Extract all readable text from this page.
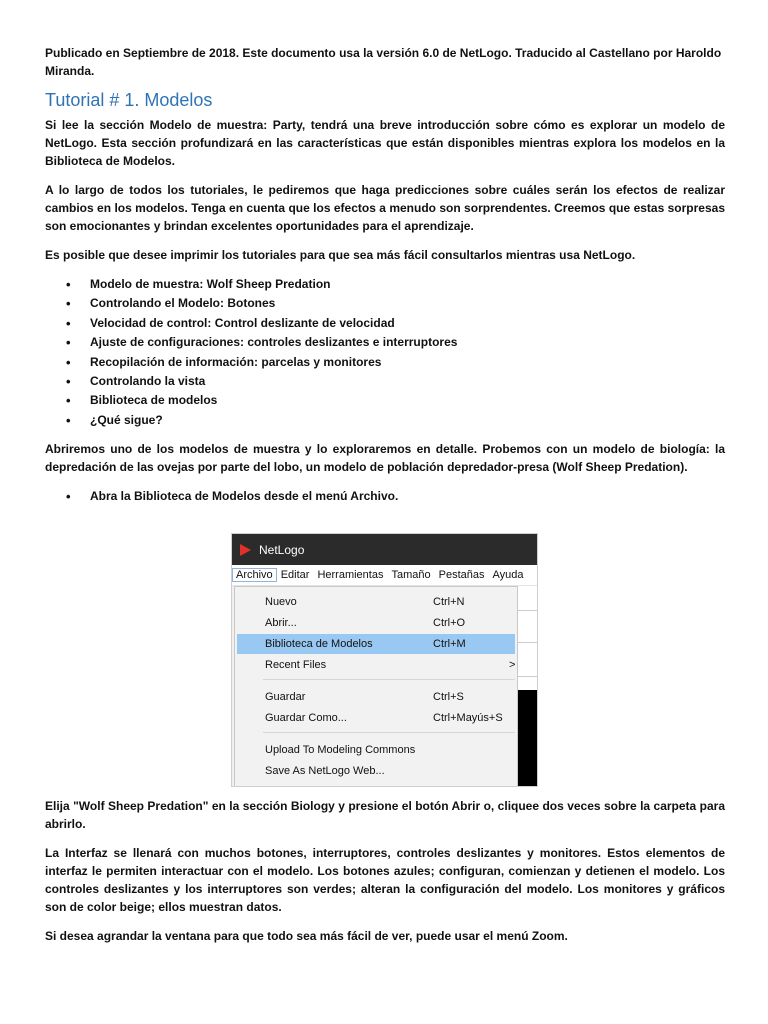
Publicado en Septiembre de 2018. Este documento usa la versión 6.0 de NetLogo. Traducido al Castellano por Haroldo Miranda.

Tutorial # 1. Modelos

Si lee la sección Modelo de muestra: Party, tendrá una breve introducción sobre cómo es explorar un modelo de NetLogo. Esta sección profundizará en las características que están disponibles mientras explora los modelos en la Biblioteca de Modelos.

A lo largo de todos los tutoriales, le pediremos que haga predicciones sobre cuáles serán los efectos de realizar cambios en los modelos. Tenga en cuenta que los efectos a menudo son sorprendentes. Creemos que estas sorpresas son emocionantes y brindan excelentes oportunidades para el aprendizaje.

Es posible que desee imprimir los tutoriales para que sea más fácil consultarlos mientras usa NetLogo.

• Modelo de muestra: Wolf Sheep Predation
• Controlando el Modelo: Botones
• Velocidad de control: Control deslizante de velocidad
• Ajuste de configuraciones: controles deslizantes e interruptores
• Recopilación de información: parcelas y monitores
• Controlando la vista
• Biblioteca de modelos
• ¿Qué sigue?

Abriremos uno de los modelos de muestra y lo exploraremos en detalle. Probemos con un modelo de biología: la depredación de las ovejas por parte del lobo, un modelo de población depredador-presa (Wolf Sheep Predation).

• Abra la Biblioteca de Modelos desde el menú Archivo.
NetLogo
Archivo Editar Herramientas Tamaño Pestañas Ayuda
Nuevo	Ctrl+N
Abrir...	Ctrl+O
Biblioteca de Modelos	Ctrl+M
Recent Files	>
Guardar	Ctrl+S
Guardar Como...	Ctrl+Mayús+S
Upload To Modeling Commons
Save As NetLogo Web...

Elija "Wolf Sheep Predation" en la sección Biology y presione el botón Abrir o, cliquee dos veces sobre la carpeta para abrirlo.

La Interfaz se llenará con muchos botones, interruptores, controles deslizantes y monitores. Estos elementos de interfaz le permiten interactuar con el modelo. Los botones azules; configuran, comienzan y detienen el modelo. Los controles deslizantes y los interruptores son verdes; alteran la configuración del modelo. Los monitores y gráficos son de color beige; ellos muestran datos.

Si desea agrandar la ventana para que todo sea más fácil de ver, puede usar el menú Zoom.
